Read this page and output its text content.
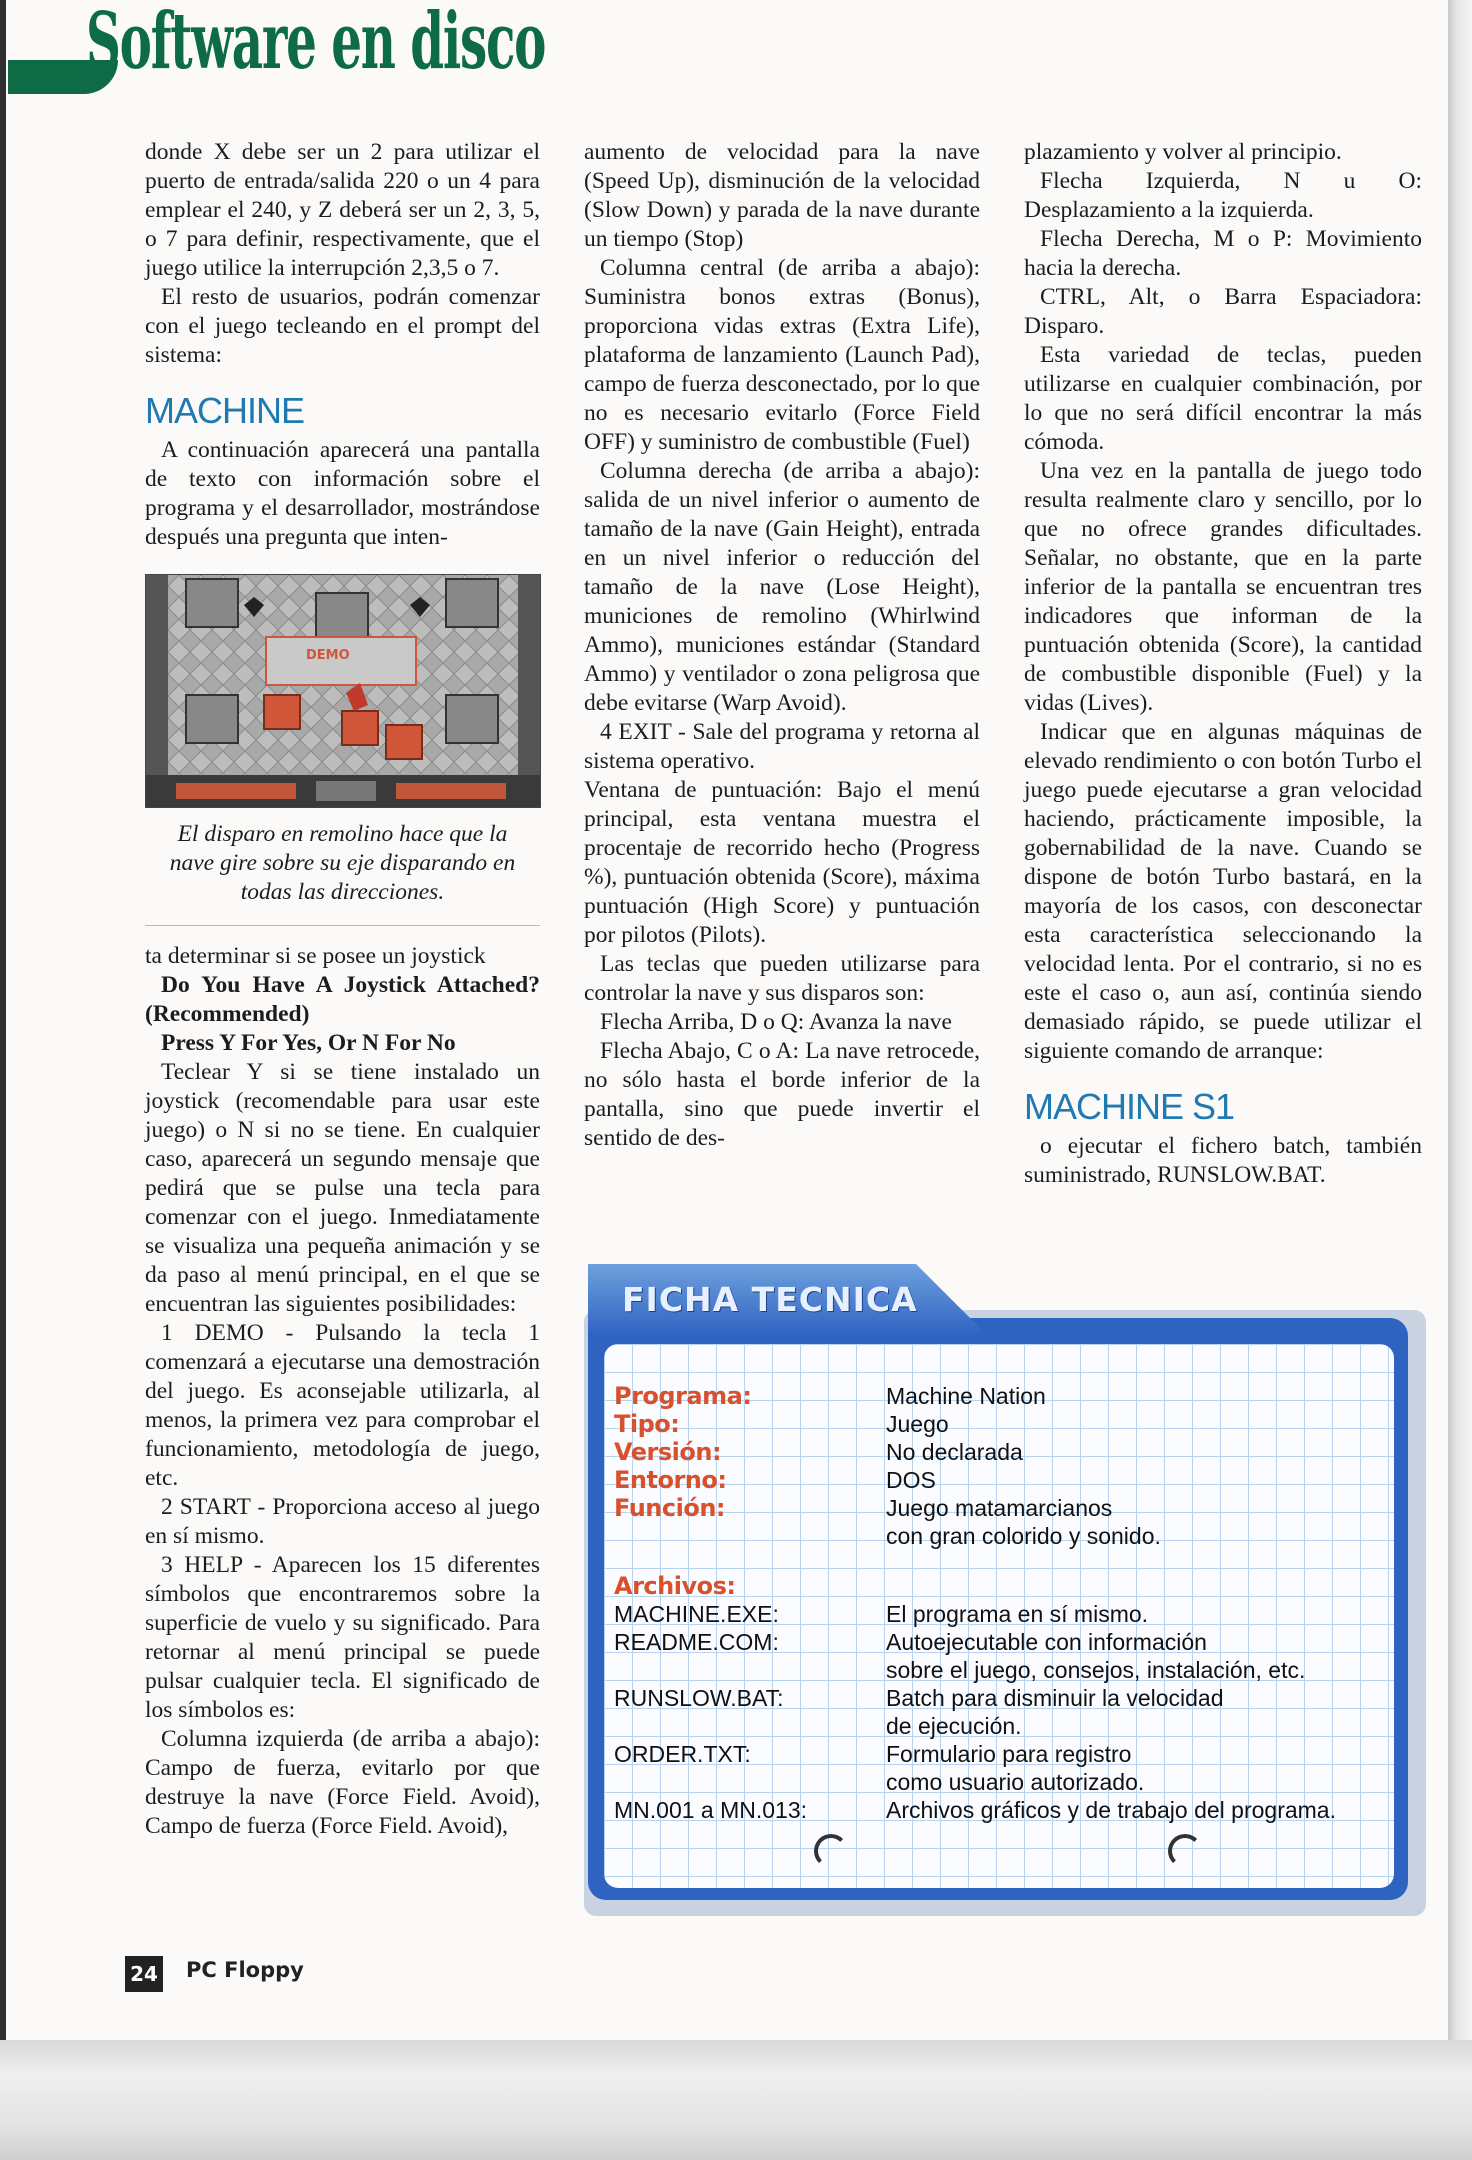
Software en disco

donde X debe ser un 2 para utilizar el puerto de entrada/salida 220 o un 4 para emplear el 240, y Z deberá ser un 2, 3, 5, o 7 para definir, respectivamente, que el juego utilice la interrupción 2,3,5 o 7.

El resto de usuarios, podrán comenzar con el juego tecleando en el prompt del sistema:

MACHINE

A continuación aparecerá una pantalla de texto con información sobre el programa y el desarrollador, mostrándose después una pregunta que inten-

DEMO
El disparo en remolino hace que la nave gire sobre su eje disparando en todas las direcciones.

ta determinar si se posee un joystick

Do You Have A Joystick Attached? (Recommended)

Press Y For Yes, Or N For No

Teclear Y si se tiene instalado un joystick (recomendable para usar este juego) o N si no se tiene. En cualquier caso, aparecerá un segundo mensaje que pedirá que se pulse una tecla para comenzar con el juego. Inmediatamente se visualiza una pequeña animación y se da paso al menú principal, en el que se encuentran las siguientes posibilidades:

1 DEMO - Pulsando la tecla 1 comenzará a ejecutarse una demostración del juego. Es aconsejable utilizarla, al menos, la primera vez para comprobar el funcionamiento, metodología de juego, etc.

2 START - Proporciona acceso al juego en sí mismo.

3 HELP - Aparecen los 15 diferentes símbolos que encontraremos sobre la superficie de vuelo y su significado. Para retornar al menú principal se puede pulsar cualquier tecla. El significado de los símbolos es:

Columna izquierda (de arriba a abajo): Campo de fuerza, evitarlo por que destruye la nave (Force Field. Avoid), Campo de fuerza (Force Field. Avoid),

aumento de velocidad para la nave (Speed Up), disminución de la velocidad (Slow Down) y parada de la nave durante un tiempo (Stop)

Columna central (de arriba a abajo): Suministra bonos extras (Bonus), proporciona vidas extras (Extra Life), plataforma de lanzamiento (Launch Pad), campo de fuerza desconectado, por lo que no es necesario evitarlo (Force Field OFF) y suministro de combustible (Fuel)

Columna derecha (de arriba a abajo): salida de un nivel inferior o aumento de tamaño de la nave (Gain Height), entrada en un nivel inferior o reducción del tamaño de la nave (Lose Height), municiones de remolino (Whirlwind Ammo), municiones estándar (Standard Ammo) y ventilador o zona peligrosa que debe evitarse (Warp Avoid).

4 EXIT - Sale del programa y retorna al sistema operativo.

Ventana de puntuación: Bajo el menú principal, esta ventana muestra el procentaje de recorrido hecho (Progress %), puntuación obtenida (Score), máxima puntuación (High Score) y puntuación por pilotos (Pilots).

Las teclas que pueden utilizarse para controlar la nave y sus disparos son:

Flecha Arriba, D o Q: Avanza la nave

Flecha Abajo, C o A: La nave retrocede, no sólo hasta el borde inferior de la pantalla, sino que puede invertir el sentido de des-

plazamiento y volver al principio.

Flecha Izquierda, N u O: Desplazamiento a la izquierda.

Flecha Derecha, M o P: Movimiento hacia la derecha.

CTRL, Alt, o Barra Espaciadora: Disparo.

Esta variedad de teclas, pueden utilizarse en cualquier combinación, por lo que no será difícil encontrar la más cómoda.

Una vez en la pantalla de juego todo resulta realmente claro y sencillo, por lo que no ofrece grandes dificultades. Señalar, no obstante, que en la parte inferior de la pantalla se encuentran tres indicadores que informan de la puntuación obtenida (Score), la cantidad de combustible disponible (Fuel) y la vidas (Lives).

Indicar que en algunas máquinas de elevado rendimiento o con botón Turbo el juego puede ejecutarse a gran velocidad haciendo, prácticamente imposible, la gobernabilidad de la nave. Cuando se dispone de botón Turbo bastará, en la mayoría de los casos, con desconectar esta característica seleccionando la velocidad lenta. Por el contrario, si no es este el caso o, aun así, continúa siendo demasiado rápido, se puede utilizar el siguiente comando de arranque:

MACHINE S1

o ejecutar el fichero batch, también suministrado, RUNSLOW.BAT.

FICHA TECNICA
Programa:	Machine Nation
Tipo:	Juego
Versión:	No declarada
Entorno:	DOS
Función:	Juego matamarcianos
con gran colorido y sonido.
Archivos:
MACHINE.EXE:	El programa en sí mismo.
README.COM:	Autoejecutable con información
sobre el juego, consejos, instalación, etc.
RUNSLOW.BAT:	Batch para disminuir la velocidad
de ejecución.
ORDER.TXT:	Formulario para registro
como usuario autorizado.
MN.001 a MN.013:	Archivos gráficos y de trabajo del programa.
24 PC Floppy
